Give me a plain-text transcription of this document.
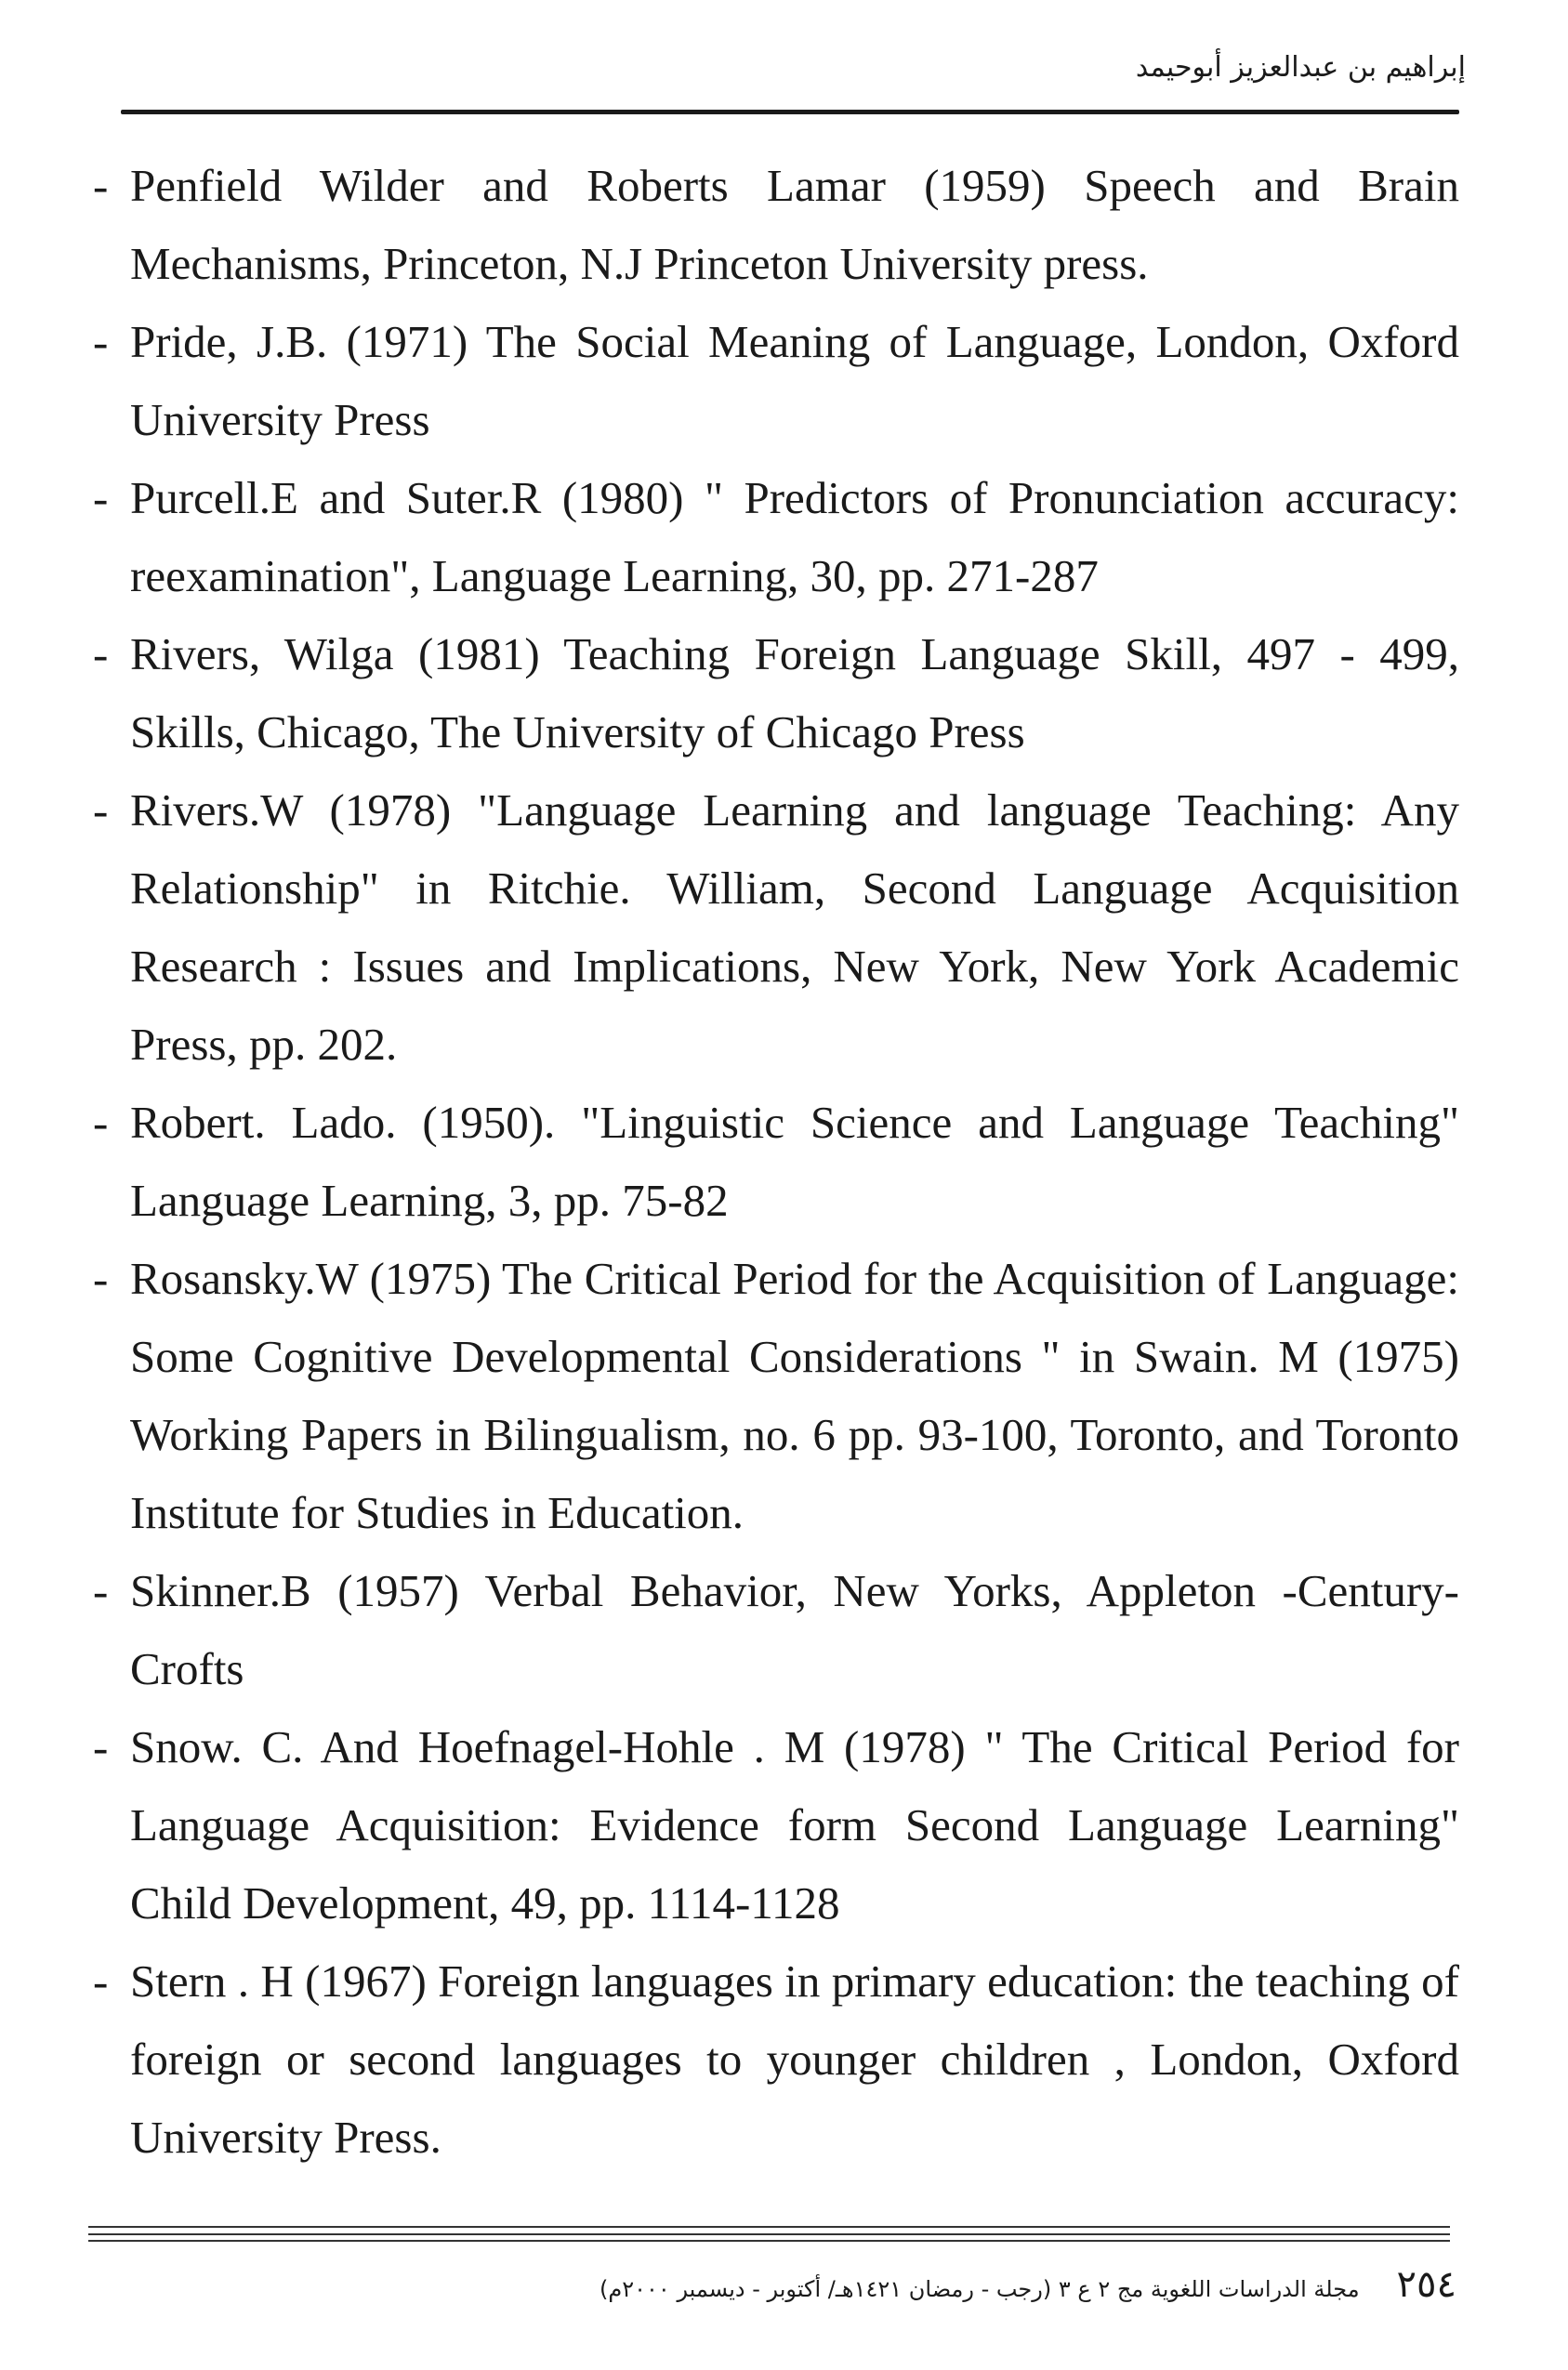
إبراهيم بن عبدالعزيز أبوحيمد
- Penfield Wilder and Roberts Lamar (1959) Speech and Brain Mechanisms, Princeton, N.J Princeton University press.
- Pride, J.B. (1971) The Social Meaning of Language, London, Oxford University Press
- Purcell.E and Suter.R (1980) " Predictors of Pronunciation accuracy: reexamination", Language Learning, 30, pp. 271-287
- Rivers, Wilga (1981) Teaching Foreign Language Skill, 497 - 499, Skills, Chicago, The University of Chicago Press
- Rivers.W (1978) "Language Learning and language Teaching: Any Relationship" in Ritchie. William, Second Language Acquisition Research : Issues and Implications, New York, New York Academic Press, pp. 202.
- Robert. Lado. (1950). "Linguistic Science and Language Teaching" Language Learning, 3, pp. 75-82
- Rosansky.W (1975) The Critical Period for the Acquisition of Language: Some Cognitive Developmental Considerations " in Swain. M (1975) Working Papers in Bilingualism, no. 6 pp. 93-100, Toronto, and Toronto Institute for Studies in Education.
- Skinner.B (1957) Verbal Behavior, New Yorks, Appleton -Century-Crofts
- Snow. C. And Hoefnagel-Hohle . M (1978) " The Critical Period for Language Acquisition: Evidence form Second Language Learning" Child Development, 49, pp. 1114-1128
- Stern . H (1967) Foreign languages in primary education: the teaching of foreign or second languages to younger children , London, Oxford University Press.
٢٥٤
مجلة الدراسات اللغوية مج ٢ ع ٣ (رجب - رمضان ١٤٢١هـ/ أكتوبر - ديسمبر ٢٠٠٠م)
